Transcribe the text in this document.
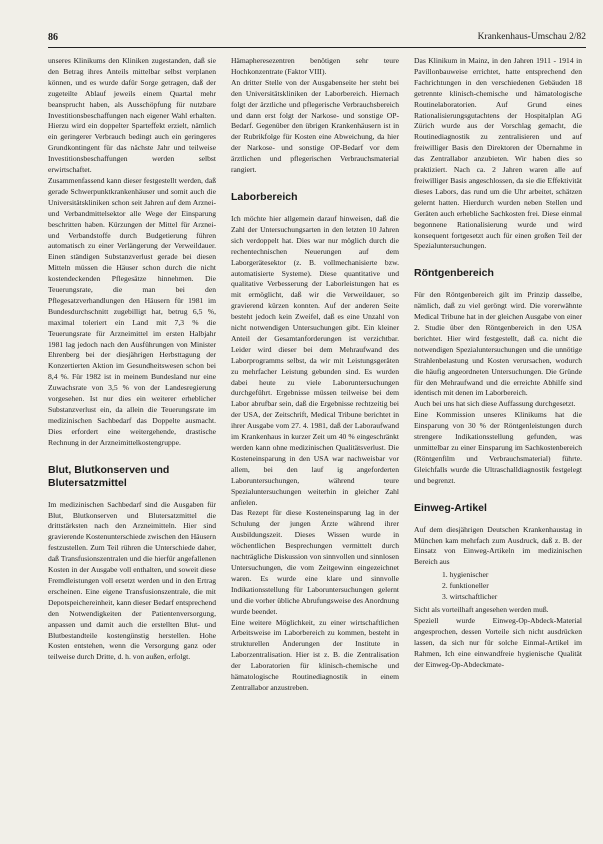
86	Krankenhaus-Umschau 2/82

unseres Klinikums den Kliniken zugestanden, daß sie den Betrag ihres Anteils mittelbar selbst verplanen können, und es wurde dafür Sorge getragen, daß der zugeteilte Ablauf jeweils einem Quartal mehr beansprucht haben, als Ausschöpfung für nutzbare Investitionsbeschaffungen nach eigener Wahl erhalten. Hierzu wird ein doppelter Sparteffekt erzielt, nämlich ein geringerer Verbrauch bedingt auch ein geringeres Grundkontingent für das nächste Jahr und teilweise Investitionsbeschaffungen werden selbst erwirtschaftet.

Zusammenfassend kann dieser festgestellt werden, daß gerade Schwerpunktkrankenhäuser und somit auch die Universitätskliniken schon seit Jahren auf dem Arznei- und Verbandmittelsektor alle Wege der Einsparung beschritten haben. Kürzungen der Mittel für Arznei- und Verbandstoffe durch Budgetierung führen automatisch zu einer Verlängerung der Verweildauer. Einen ständigen Substanzverlust gerade bei diesen Mitteln müssen die Häuser schon durch die nicht kostendeckenden Pflegesätze hinnehmen. Die Teuerungsrate, die man bei den Pflegesatzverhandlungen den Häusern für 1981 im Bundesdurchschnitt zugebilligt hat, betrug 6,5 %, maximal toleriert ein Land mit 7,3 % die Teuerungsrate für Arzneimittel im ersten Halbjahr 1981 lag jedoch nach den Ausführungen von Minister Ehrenberg bei der diesjährigen Herbsttagung der Konzertierten Aktion im Gesundheitswesen schon bei 8,4 %. Für 1982 ist in meinem Bundesland nur eine Zuwachsrate von 3,5 % von der Landesregierung vorgesehen. Ist nur dies ein weiterer erheblicher Substanzverlust ein, da allein die Teuerungsrate im medizinischen Sachbedarf das Doppelte ausmacht. Dies erfordert eine weitergehende, drastische Rechnung in der Arzneimittelkostengruppe.

Blut, Blutkonserven und Blutersatzmittel

Im medizinischen Sachbedarf sind die Ausgaben für Blut, Blutkonserven und Blutersatzmittel die drittstärksten nach den Arzneimitteln. Hier sind gravierende Kostenunterschiede zwischen den Häusern festzustellen. Zum Teil rühren die Unterschiede daher, daß Transfusionszentralen und die hierfür angefallenen Kosten in der Ausgabe voll enthalten, und soweit diese Fremdleistungen voll ersetzt werden und in den Ertrag erscheinen. Eine eigene Transfusionszentrale, die mit Depotspeichereinheit, kann dieser Bedarf entsprechend den Notwendigkeiten der Patientenversorgung, anpassen und damit auch die erstellten Blut- und Blutbestandteile kostengünstig herstellen. Hohe Kosten entstehen, wenn die Versorgung ganz oder teilweise durch Dritte, d. h. von außen, erfolgt.

Hämapheresezentren benötigen sehr teure Hochkonzentrate (Faktor VIII).

An dritter Stelle von der Ausgabenseite her steht bei den Universitätskliniken der Laborbereich. Hiernach folgt der ärztliche und pflegerische Verbrauchsbereich und dann erst folgt der Narkose- und sonstige OP-Bedarf. Gegenüber den übrigen Krankenhäusern ist in der Rubrikfolge für Kosten eine Abweichung, da hier der Narkose- und sonstige OP-Bedarf vor dem ärztlichen und pflegerischen Verbrauchsmaterial rangiert.

Laborbereich

Ich möchte hier allgemein darauf hinweisen, daß die Zahl der Untersuchungsarten in den letzten 10 Jahren sich verdoppelt hat. Dies war nur möglich durch die rechentechnischen Neuerungen auf dem Laborgerätesektor (z. B. vollmechanisierte bzw. automatisierte Systeme). Diese quantitative und qualitative Verbesserung der Laborleistungen hat es mit ermöglicht, daß wir die Verweildauer, so gravierend kürzen konnten. Auf der anderen Seite besteht jedoch kein Zweifel, daß es eine Unzahl von nicht notwendigen Untersuchungen gibt. Ein kleiner Anteil der Gesamtanforderungen ist verzichtbar. Leider wird dieser bei dem Mehraufwand des Laborprogramms selbst, da wir mit Leistungsgeräten zu mehrfacher Leistung gebunden sind. Es wurden dabei heute zu viele Laboruntersuchungen durchgeführt. Ergebnisse müssen teilweise bei dem Labor abrufbar sein, daß die Ergebnisse rechtzeitig bei der USA, der Zeitschrift, Medical Tribune berichtet in ihrer Ausgabe vom 27. 4. 1981, daß der Laboraufwand im Krankenhaus in kurzer Zeit um 40 % eingeschränkt werden kann ohne medizinischen Qualitätsverlust. Die Kosteneinsparung in den USA war nachweisbar vor allem, bei den lauf ig angeforderten Laboruntersuchungen, während teure Spezialuntersuchungen weiterhin in gleicher Zahl anfielen.

Das Rezept für diese Kosteneinsparung lag in der Schulung der jungen Ärzte während ihrer Ausbildungszeit. Dieses Wissen wurde in wöchentlichen Besprechungen vermittelt durch nachträgliche Diskussion von sinnvollen und sinnlosen Untersuchungen, die vom Zeitgewinn eingezeichnet waren. Es wurde eine klare und sinnvolle Indikationsstellung für Laboruntersuchungen gelernt und die vorher übliche Abrufungsweise des Anordnung wurde beendet.

Eine weitere Möglichkeit, zu einer wirtschaftlichen Arbeitsweise im Laborbereich zu kommen, besteht in strukturellen Änderungen der Institute in Laborzentralisation. Hier ist z. B. die Zentralisation der Laboratorien für klinisch-chemische und hämatologische Routinediagnostik in einem Zentrallabor anzustreben.

Das Klinikum in Mainz, in den Jahren 1911 - 1914 in Pavillonbauweise errichtet, hatte entsprechend den Fachrichtungen in den verschiedenen Gebäuden 18 getrennte klinisch-chemische und hämatologische Routinelaboratorien. Auf Grund eines Rationalisierungsgutachtens der Hospitalplan AG Zürich wurde aus der Vorschlag gemacht, die Routinediagnostik zu zentralisieren und auf freiwilliger Basis den Direktoren der Übernahme in das Zentrallabor anzubieten. Wir haben dies so praktiziert. Nach ca. 2 Jahren waren alle auf freiwilliger Basis angeschlossen, da sie die Effektivität dieses Labors, das rund um die Uhr arbeitet, schätzen gelernt hatten. Hierdurch wurden neben Stellen und Geräten auch erhebliche Sachkosten frei. Diese einmal begonnene Rationalisierung wurde und wird konsequent fortgesetzt auch für einen großen Teil der Spezialuntersuchungen.

Röntgenbereich

Für den Röntgenbereich gilt im Prinzip dasselbe, nämlich, daß zu viel geröngt wird. Die vorerwähnte Medical Tribune hat in der gleichen Ausgabe von einer 2. Studie über den Röntgenbereich in den USA berichtet. Hier wird festgestellt, daß ca. nicht die notwendigen Spezialuntersuchungen und die unnötige Strahlenbelastung und Kosten verursachen, wodurch die häufig angeordneten Untersuchungen. Die Gründe für den Mehraufwand und die erreichte Abhilfe sind identisch mit denen im Laborbereich.

Auch bei uns hat sich diese Auffassung durchgesetzt.

Eine Kommission unseres Klinikums hat die Einsparung von 30 % der Röntgenleistungen durch strengere Indikationsstellung gefunden, was unmittelbar zu einer Einsparung im Sachkostenbereich (Röntgenfilm und Verbrauchsmaterial) führte. Gleichfalls wurde die Ultraschalldiagnostik festgelegt und begrenzt.

Einweg-Artikel

Auf dem diesjährigen Deutschen Krankenhaustag in München kam mehrfach zum Ausdruck, daß z. B. der Einsatz von Einweg-Artikeln im medizinischen Bereich aus

1. hygienischer
2. funktioneller
3. wirtschaftlicher

Sicht als vorteilhaft angesehen werden muß.

Speziell wurde Einweg-Op-Abdeck-Material angesprochen, dessen Vorteile sich nicht ausdrücken lassen, da sich nur für solche Einmal-Artikel im Rahmen, Ich eine einwandfreie hygienische Qualität der Einweg-Op-Abdeckmate-
